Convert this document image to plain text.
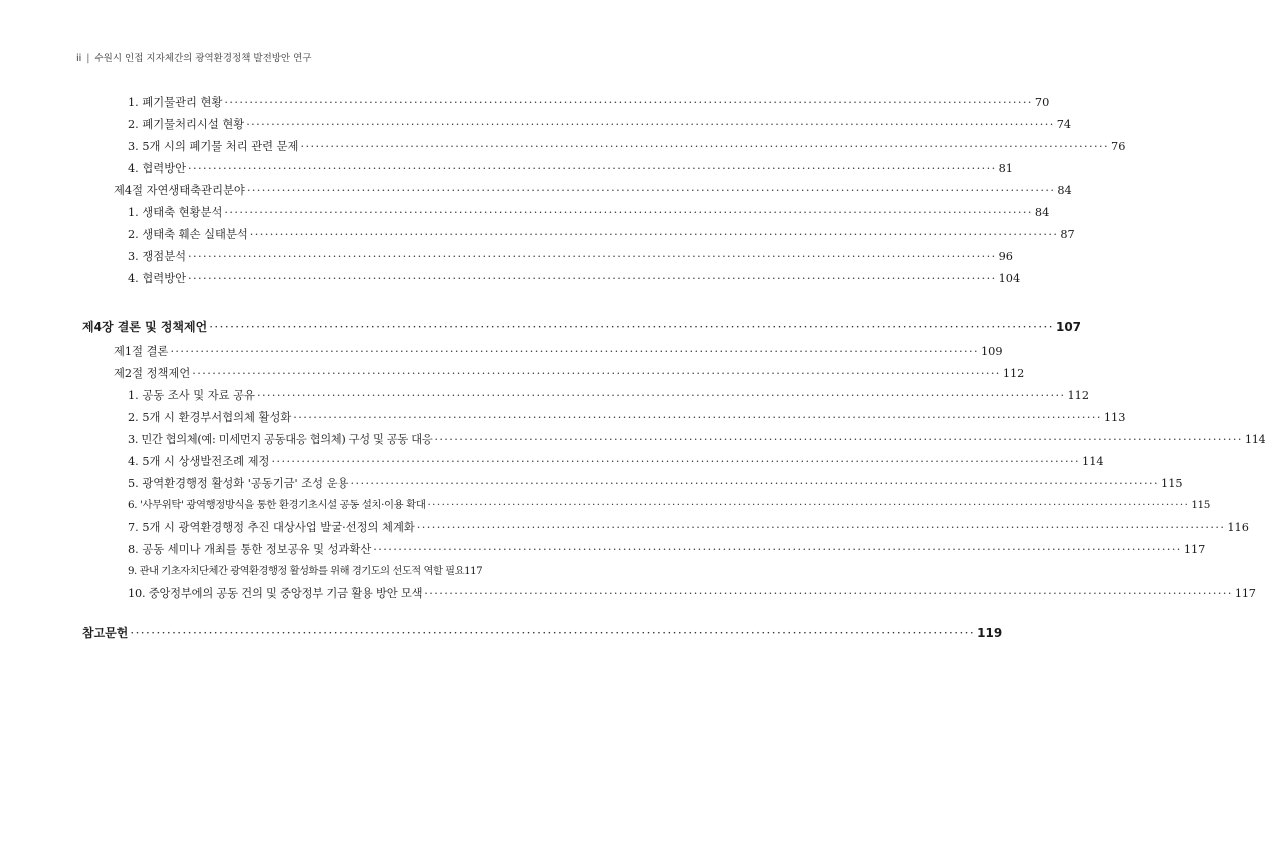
ii | 수원시 인접 지자체간의 광역환경정책 발전방안 연구
1. 폐기물관리 현황 ·································································································································································· 70
2. 폐기물처리시설 현황 ·································································································································································· 74
3. 5개 시의 폐기물 처리 관련 문제 ·································································································································································· 76
4. 협력방안 ·································································································································································· 81
제4절 자연생태축관리분야 ·································································································································································· 84
1. 생태축 현황분석 ·································································································································································· 84
2. 생태축 훼손 실태분석 ·································································································································································· 87
3. 쟁점분석 ·································································································································································· 96
4. 협력방안 ·································································································································································· 104
제4장 결론 및 정책제언 ·································································································································································· 107
제1절 결론 ·································································································································································· 109
제2절 정책제언 ·································································································································································· 112
1. 공동 조사 및 자료 공유 ·································································································································································· 112
2. 5개 시 환경부서협의체 활성화 ·································································································································································· 113
3. 민간 협의체(예: 미세먼지 공동대응 협의체) 구성 및 공동 대응 ·································································································································································· 114
4. 5개 시 상생발전조례 제정 ·································································································································································· 114
5. 광역환경행정 활성화 '공동기금' 조성 운용 ·································································································································································· 115
6. '사무위탁' 광역행정방식을 통한 환경기초시설 공동 설치·이용 확대 ·································································································································································· 115
7. 5개 시 광역환경행정 추진 대상사업 발굴·선정의 체계화 ·································································································································································· 116
8. 공동 세미나 개최를 통한 정보공유 및 성과확산 ·································································································································································· 117
9. 관내 기초자치단체간 광역환경행정 활성화를 위해 경기도의 선도적 역할 필요 117
10. 중앙정부에의 공동 건의 및 중앙정부 기금 활용 방안 모색 ·································································································································································· 117
참고문헌 ·································································································································································· 119
